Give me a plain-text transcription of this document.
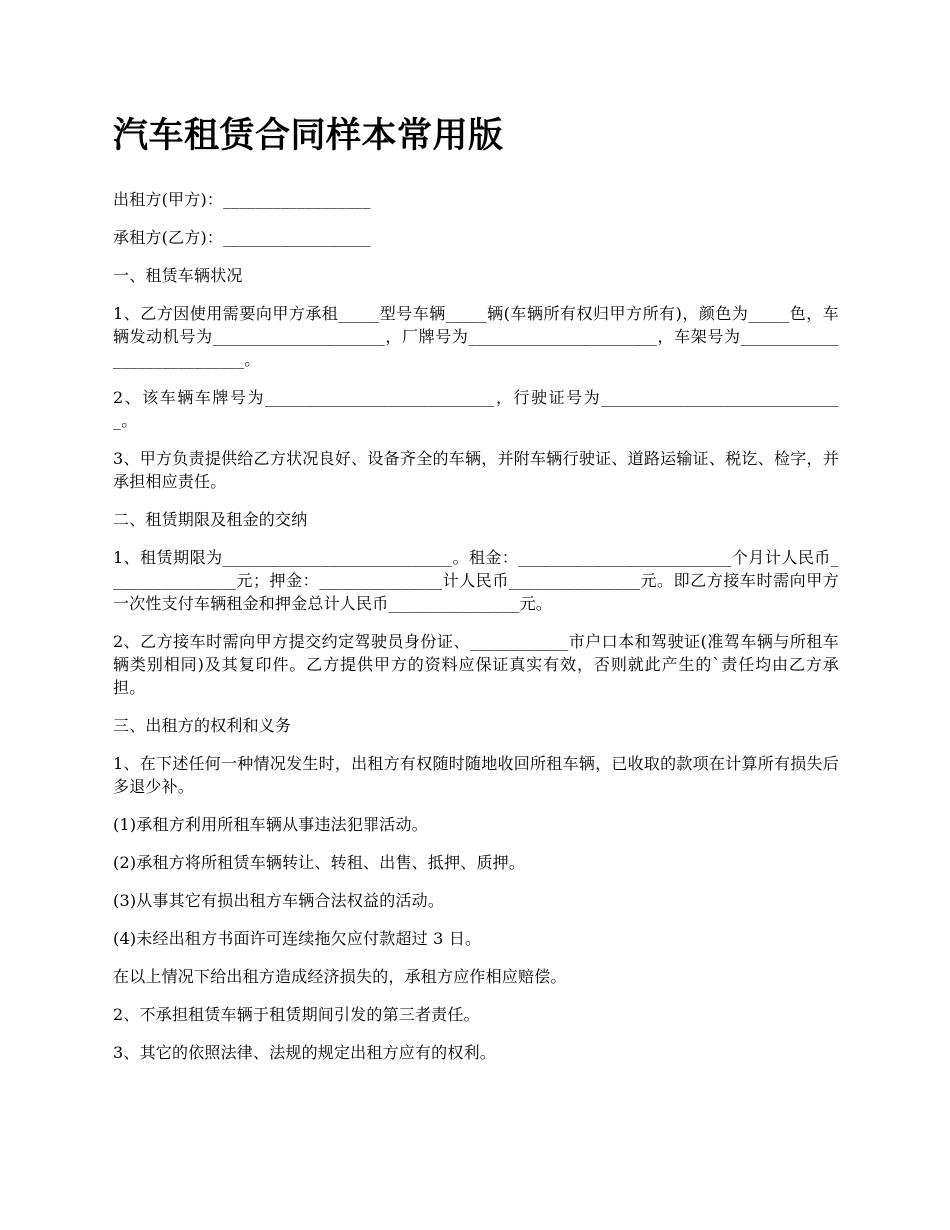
汽车租赁合同样本常用版

出租方(甲方)：__________________

承租方(乙方)：__________________

一、租赁车辆状况

1、乙方因使用需要向甲方承租_____型号车辆_____辆(车辆所有权归甲方所有)，颜色为_____色，车辆发动机号为_____________________，厂牌号为_______________________，车架号为____________________________。

2、该车辆车牌号为____________________________，行驶证号为______________________________。

3、甲方负责提供给乙方状况良好、设备齐全的车辆，并附车辆行驶证、道路运输证、税讫、检字，并承担相应责任。

二、租赁期限及租金的交纳

1、租赁期限为____________________________。租金：__________________________个月计人民币________________元；押金：_______________计人民币________________元。即乙方接车时需向甲方一次性支付车辆租金和押金总计人民币________________元。

2、乙方接车时需向甲方提交约定驾驶员身份证、____________市户口本和驾驶证(准驾车辆与所租车辆类别相同)及其复印件。乙方提供甲方的资料应保证真实有效，否则就此产生的`责任均由乙方承担。

三、出租方的权利和义务

1、在下述任何一种情况发生时，出租方有权随时随地收回所租车辆，已收取的款项在计算所有损失后多退少补。

(1)承租方利用所租车辆从事违法犯罪活动。

(2)承租方将所租赁车辆转让、转租、出售、抵押、质押。

(3)从事其它有损出租方车辆合法权益的活动。

(4)未经出租方书面许可连续拖欠应付款超过 3 日。

在以上情况下给出租方造成经济损失的，承租方应作相应赔偿。

2、不承担租赁车辆于租赁期间引发的第三者责任。

3、其它的依照法律、法规的规定出租方应有的权利。
